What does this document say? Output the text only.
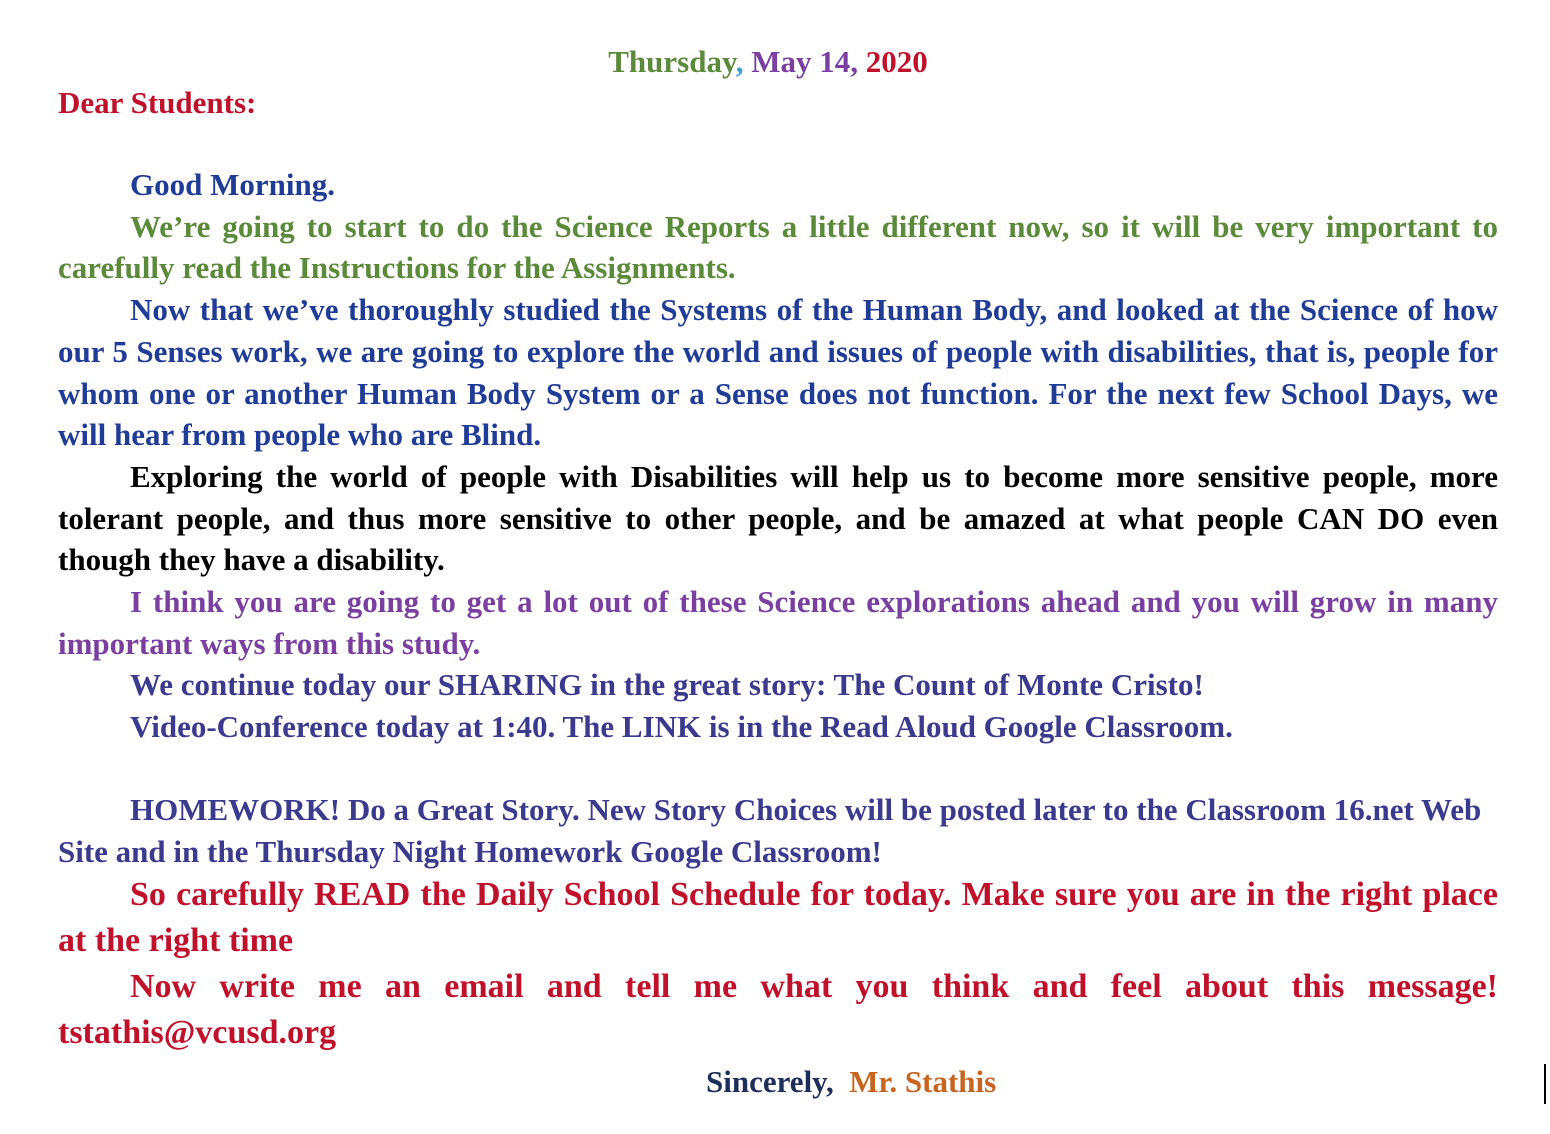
Thursday, May 14, 2020
Dear Students:

Good Morning.

We’re going to start to do the Science Reports a little different now, so it will be very important to carefully read the Instructions for the Assignments.

Now that we’ve thoroughly studied the Systems of the Human Body, and looked at the Science of how our 5 Senses work, we are going to explore the world and issues of people with disabilities, that is, people for whom one or another Human Body System or a Sense does not function. For the next few School Days, we will hear from people who are Blind.

Exploring the world of people with Disabilities will help us to become more sensitive people, more tolerant people, and thus more sensitive to other people, and be amazed at what people CAN DO even though they have a disability.

I think you are going to get a lot out of these Science explorations ahead and you will grow in many important ways from this study.

We continue today our SHARING in the great story: The Count of Monte Cristo!

Video-Conference today at 1:40. The LINK is in the Read Aloud Google Classroom.

HOMEWORK! Do a Great Story. New Story Choices will be posted later to the Classroom 16.net Web Site and in the Thursday Night Homework Google Classroom!

So carefully READ the Daily School Schedule for today. Make sure you are in the right place at the right time

Now write me an email and tell me what you think and feel about this message! tstathis@vcusd.org

Sincerely, Mr. Stathis
